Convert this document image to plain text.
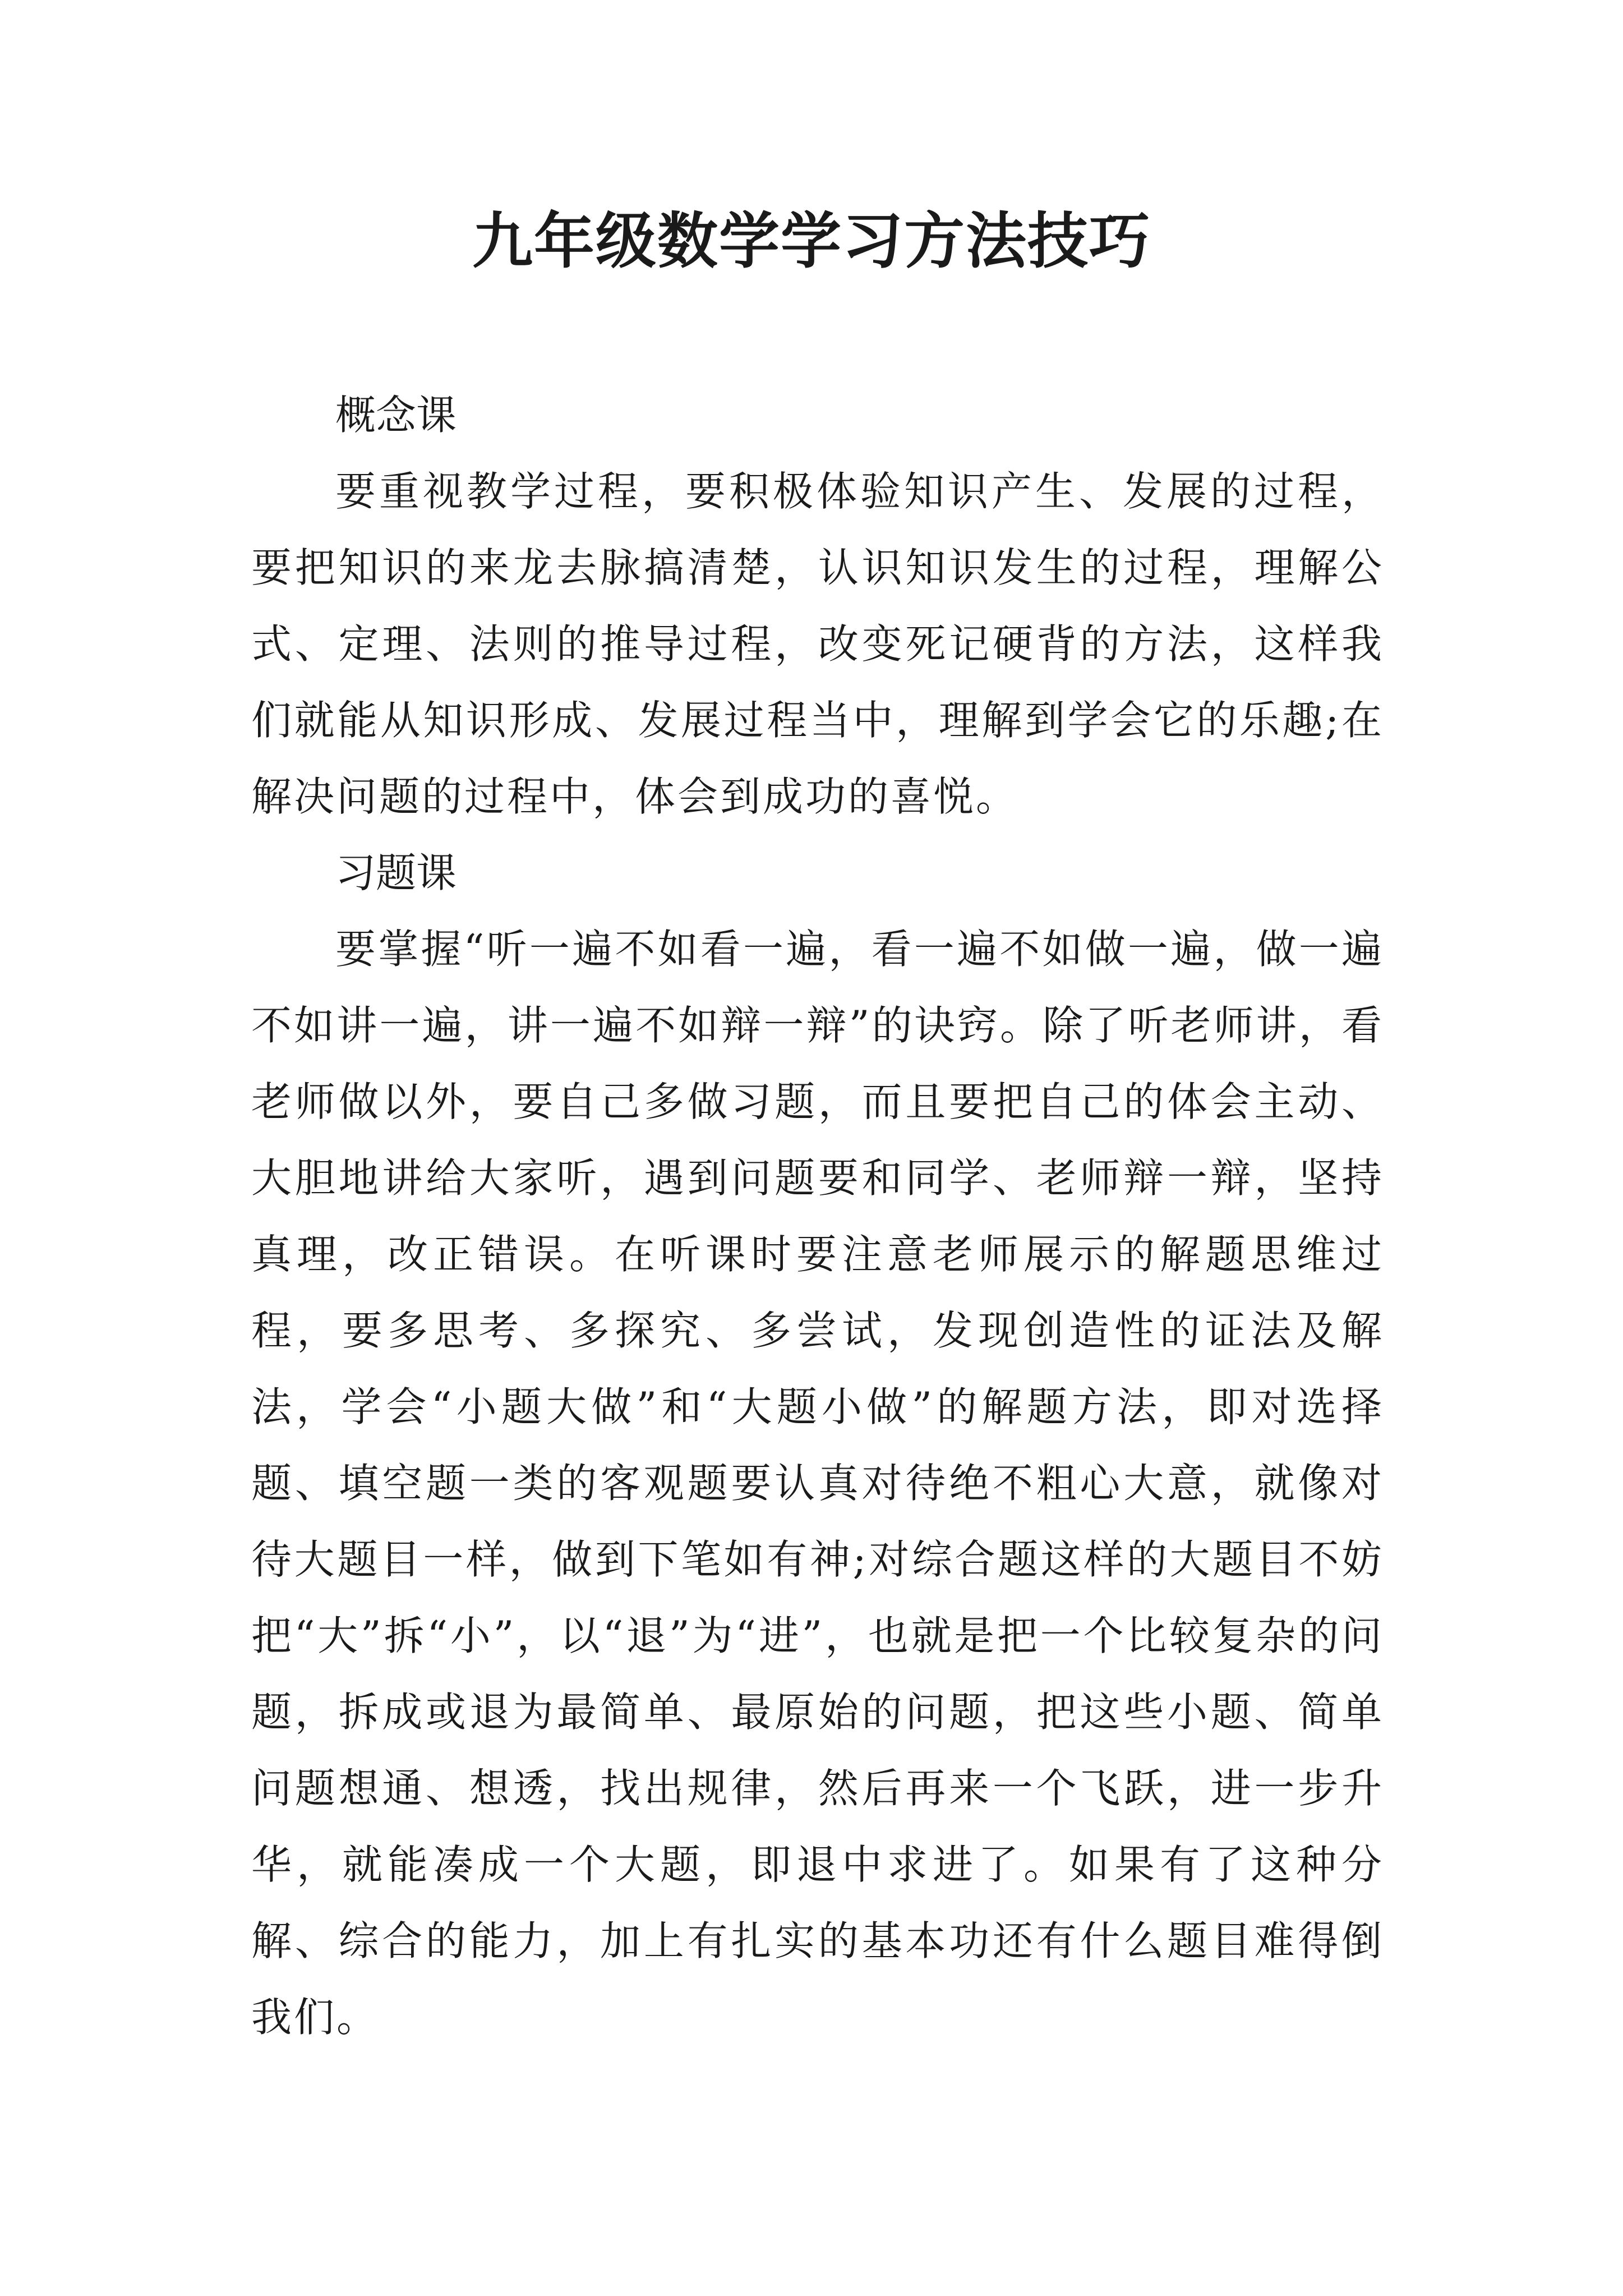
九年级数学学习方法技巧

概念课

要重视教学过程，要积极体验知识产生、发展的过程，要把知识的来龙去脉搞清楚，认识知识发生的过程，理解公式、定理、法则的推导过程，改变死记硬背的方法，这样我们就能从知识形成、发展过程当中，理解到学会它的乐趣;在解决问题的过程中，体会到成功的喜悦。

习题课

要掌握“听一遍不如看一遍，看一遍不如做一遍，做一遍不如讲一遍，讲一遍不如辩一辩”的诀窍。除了听老师讲，看老师做以外，要自己多做习题，而且要把自己的体会主动、大胆地讲给大家听，遇到问题要和同学、老师辩一辩，坚持真理，改正错误。在听课时要注意老师展示的解题思维过程，要多思考、多探究、多尝试，发现创造性的证法及解法，学会“小题大做”和“大题小做”的解题方法，即对选择题、填空题一类的客观题要认真对待绝不粗心大意，就像对待大题目一样，做到下笔如有神;对综合题这样的大题目不妨把“大”拆“小”，以“退”为“进”，也就是把一个比较复杂的问题，拆成或退为最简单、最原始的问题，把这些小题、简单问题想通、想透，找出规律，然后再来一个飞跃，进一步升华，就能凑成一个大题，即退中求进了。如果有了这种分解、综合的能力，加上有扎实的基本功还有什么题目难得倒我们。
